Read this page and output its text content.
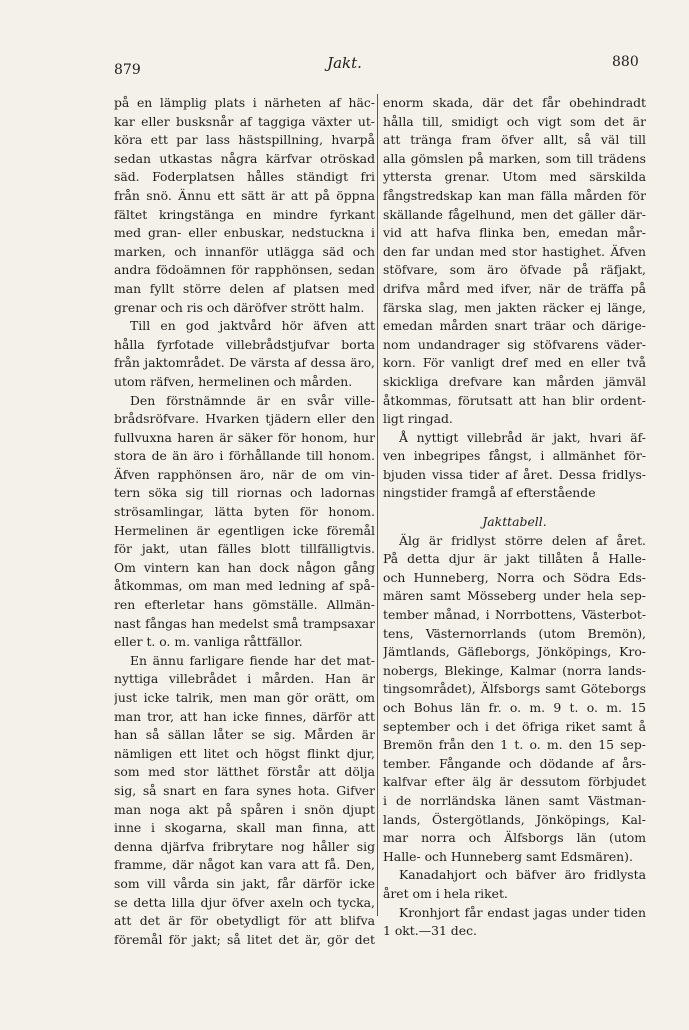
879	Jakt.	880
på en lämplig plats i närheten af häc-
kar eller busksnår af taggiga växter ut-
köra ett par lass hästspillning, hvarpå
sedan utkastas några kärfvar otröskad
säd. Foderplatsen hålles ständigt fri
från snö. Ännu ett sätt är att på öppna
fältet kringstänga en mindre fyrkant
med gran- eller enbuskar, nedstuckna i
marken, och innanför utlägga säd och
andra födoämnen för rapphönsen, sedan
man fyllt större delen af platsen med
grenar och ris och däröfver strött halm.
Till en god jaktvård hör äfven att
hålla fyrfotade villebrådstjufvar borta
från jaktområdet. De värsta af dessa äro,
utom räfven, hermelinen och mården.
Den förstnämnde är en svår ville-
brådsröfvare. Hvarken tjädern eller den
fullvuxna haren är säker för honom, hur
stora de än äro i förhållande till honom.
Äfven rapphönsen äro, när de om vin-
tern söka sig till riornas och ladornas
strösamlingar, lätta byten för honom.
Hermelinen är egentligen icke föremål
för jakt, utan fälles blott tillfälligtvis.
Om vintern kan han dock någon gång
åtkommas, om man med ledning af spå-
ren efterletar hans gömställe. Allmän-
nast fångas han medelst små trampsaxar
eller t. o. m. vanliga råttfällor.
En ännu farligare fiende har det mat-
nyttiga villebrådet i mården. Han är
just icke talrik, men man gör orätt, om
man tror, att han icke finnes, därför att
han så sällan låter se sig. Mården är
nämligen ett litet och högst flinkt djur,
som med stor lätthet förstår att dölja
sig, så snart en fara synes hota. Gifver
man noga akt på spåren i snön djupt
inne i skogarna, skall man finna, att
denna djärfva fribrytare nog håller sig
framme, där något kan vara att få. Den,
som vill vårda sin jakt, får därför icke
se detta lilla djur öfver axeln och tycka,
att det är för obetydligt för att blifva
föremål för jakt; så litet det är, gör det
enorm skada, där det får obehindradt
hålla till, smidigt och vigt som det är
att tränga fram öfver allt, så väl till
alla gömslen på marken, som till trädens
yttersta grenar. Utom med särskilda
fångstredskap kan man fälla mården för
skällande fågelhund, men det gäller där-
vid att hafva flinka ben, emedan mår-
den far undan med stor hastighet. Äfven
stöfvare, som äro öfvade på räfjakt,
drifva mård med ifver, när de träffa på
färska slag, men jakten räcker ej länge,
emedan mården snart träar och därige-
nom undandrager sig stöfvarens väder-
korn. För vanligt dref med en eller två
skickliga drefvare kan mården jämväl
åtkommas, förutsatt att han blir ordent-
ligt ringad.
Å nyttigt villebråd är jakt, hvari äf-
ven inbegripes fångst, i allmänhet för-
bjuden vissa tider af året. Dessa fridlys-
ningstider framgå af efterstående
Jakttabell.
Älg är fridlyst större delen af året.
På detta djur är jakt tillåten å Halle-
och Hunneberg, Norra och Södra Eds-
mären samt Mösseberg under hela sep-
tember månad, i Norrbottens, Västerbot-
tens, Västernorrlands (utom Bremön),
Jämtlands, Gäfleborgs, Jönköpings, Kro-
nobergs, Blekinge, Kalmar (norra lands-
tingsområdet), Älfsborgs samt Göteborgs
och Bohus län fr. o. m. 9 t. o. m. 15
september och i det öfriga riket samt å
Bremön från den 1 t. o. m. den 15 sep-
tember. Fångande och dödande af års-
kalfvar efter älg är dessutom förbjudet
i de norrländska länen samt Västman-
lands, Östergötlands, Jönköpings, Kal-
mar norra och Älfsborgs län (utom
Halle- och Hunneberg samt Edsmären).
Kanadahjort och bäfver äro fridlysta
året om i hela riket.
Kronhjort får endast jagas under tiden
1 okt.—31 dec.
